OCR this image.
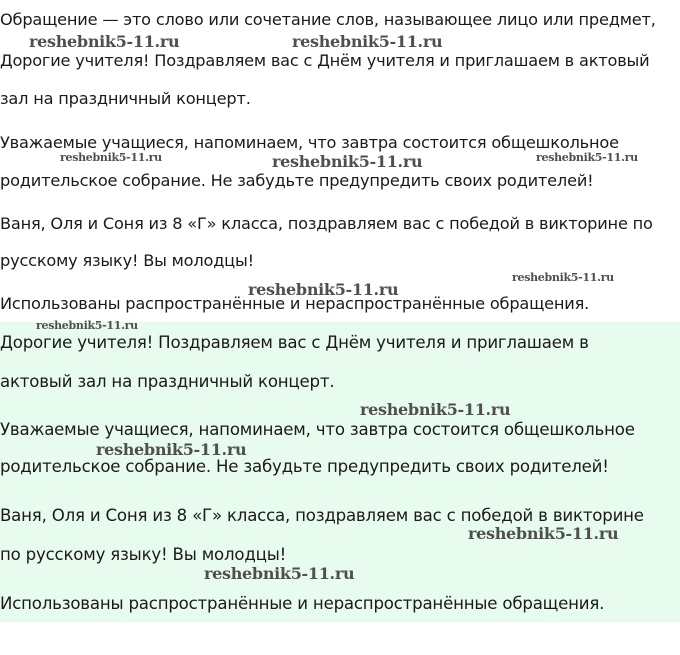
Обращение — это слово или сочетание слов, называющее лицо или предмет,

Дорогие учителя! Поздравляем вас с Днём учителя и приглашаем в актовый

зал на праздничный концерт.

Уважаемые учащиеся, напоминаем, что завтра состоится общешкольное

родительское собрание. Не забудьте предупредить своих родителей!

Ваня, Оля и Соня из 8 «Г» класса, поздравляем вас с победой в викторине по

русскому языку! Вы молодцы!

Использованы распространённые и нераспространённые обращения.

Дорогие учителя! Поздравляем вас с Днём учителя и приглашаем в

актовый зал на праздничный концерт.

Уважаемые учащиеся, напоминаем, что завтра состоится общешкольное

родительское собрание. Не забудьте предупредить своих родителей!

Ваня, Оля и Соня из 8 «Г» класса, поздравляем вас с победой в викторине

по русскому языку! Вы молодцы!

Использованы распространённые и нераспространённые обращения.

reshebnik5-11.ru	reshebnik5-11.ru
reshebnik5-11.ru	reshebnik5-11.ru	reshebnik5-11.ru
reshebnik5-11.ru
reshebnik5-11.ru
reshebnik5-11.ru
reshebnik5-11.ru
reshebnik5-11.ru
reshebnik5-11.ru
reshebnik5-11.ru
